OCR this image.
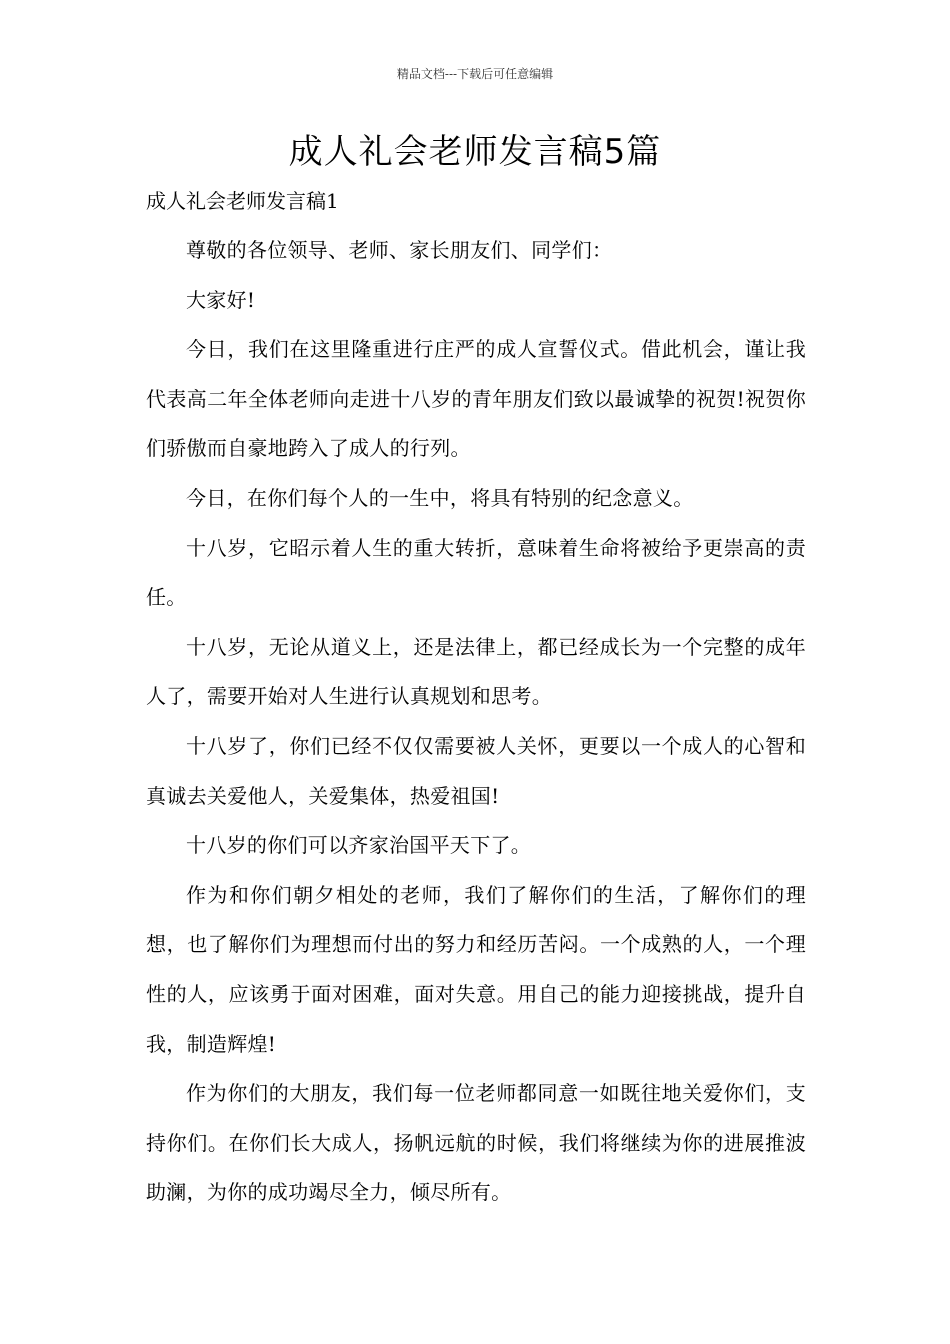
精品文档---下载后可任意编辑
成人礼会老师发言稿5篇

成人礼会老师发言稿1

尊敬的各位领导、老师、家长朋友们、同学们：

大家好!

今日，我们在这里隆重进行庄严的成人宣誓仪式。借此机会，谨让我代表高二年全体老师向走进十八岁的青年朋友们致以最诚挚的祝贺!祝贺你们骄傲而自豪地跨入了成人的行列。

今日，在你们每个人的一生中，将具有特别的纪念意义。

十八岁，它昭示着人生的重大转折，意味着生命将被给予更崇高的责任。

十八岁，无论从道义上，还是法律上，都已经成长为一个完整的成年人了，需要开始对人生进行认真规划和思考。

十八岁了，你们已经不仅仅需要被人关怀，更要以一个成人的心智和真诚去关爱他人，关爱集体，热爱祖国!

十八岁的你们可以齐家治国平天下了。

作为和你们朝夕相处的老师，我们了解你们的生活，了解你们的理想，也了解你们为理想而付出的努力和经历苦闷。一个成熟的人，一个理性的人，应该勇于面对困难，面对失意。用自己的能力迎接挑战，提升自我，制造辉煌!

作为你们的大朋友，我们每一位老师都同意一如既往地关爱你们，支持你们。在你们长大成人，扬帆远航的时候，我们将继续为你的进展推波助澜，为你的成功竭尽全力，倾尽所有。
